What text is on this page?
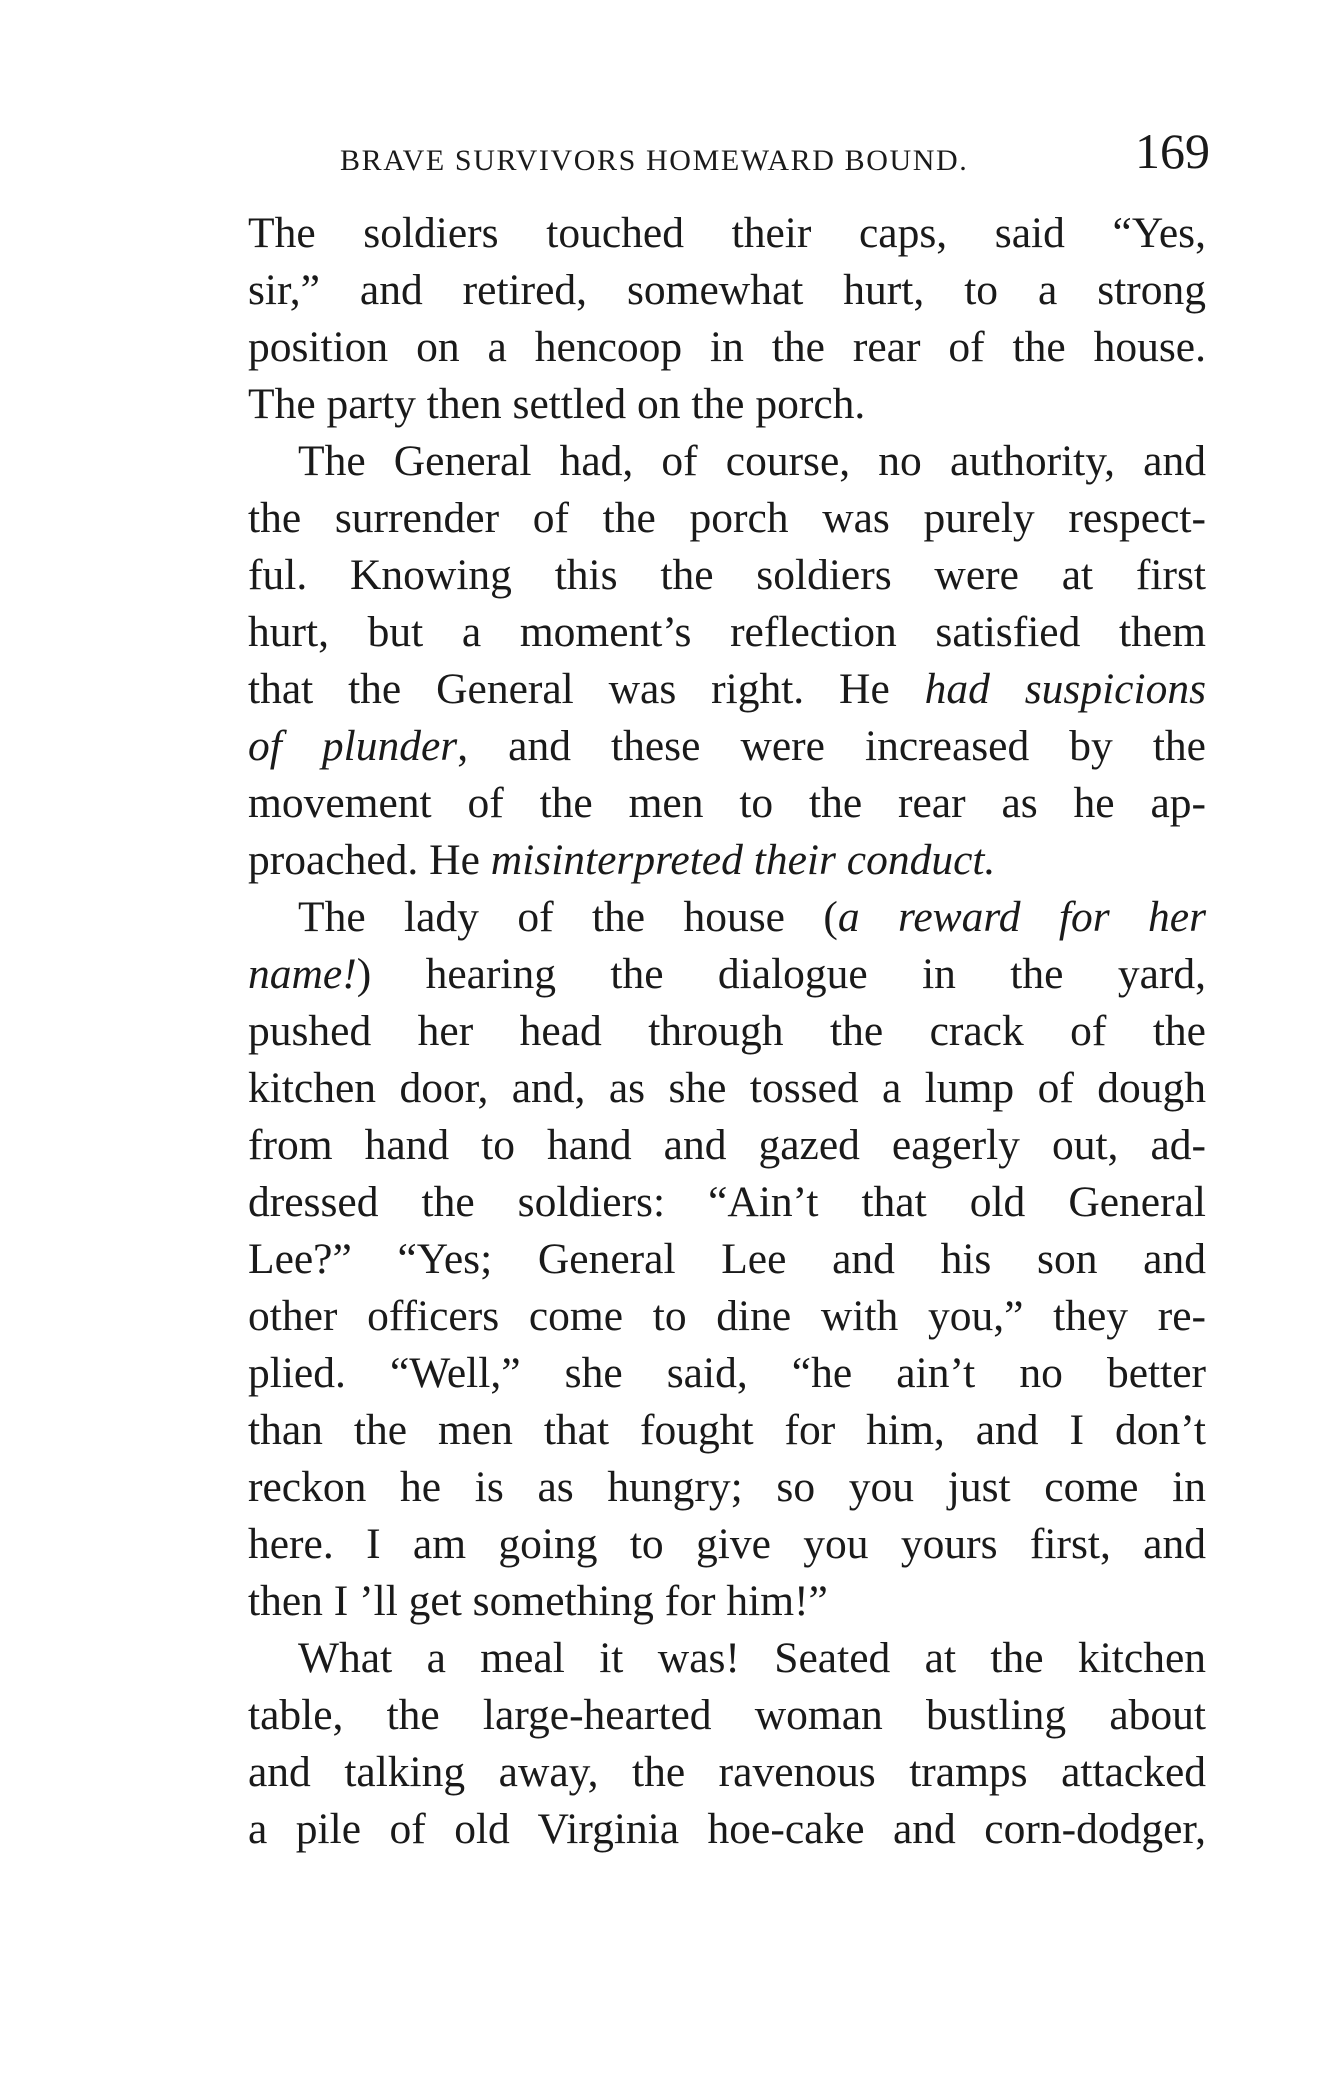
BRAVE SURVIVORS HOMEWARD BOUND.	169
The soldiers touched their caps, said “Yes,
sir,” and retired, somewhat hurt, to a strong
position on a hencoop in the rear of the house.
The party then settled on the porch.
The General had, of course, no authority, and
the surrender of the porch was purely respect-
ful. Knowing this the soldiers were at first
hurt, but a moment’s reflection satisfied them
that the General was right. He had suspicions
of plunder, and these were increased by the
movement of the men to the rear as he ap-
proached. He misinterpreted their conduct.
The lady of the house (a reward for her
name!) hearing the dialogue in the yard,
pushed her head through the crack of the
kitchen door, and, as she tossed a lump of dough
from hand to hand and gazed eagerly out, ad-
dressed the soldiers: “Ain’t that old General
Lee?” “Yes; General Lee and his son and
other officers come to dine with you,” they re-
plied. “Well,” she said, “he ain’t no better
than the men that fought for him, and I don’t
reckon he is as hungry; so you just come in
here. I am going to give you yours first, and
then I ’ll get something for him!”
What a meal it was! Seated at the kitchen
table, the large-hearted woman bustling about
and talking away, the ravenous tramps attacked
a pile of old Virginia hoe-cake and corn-dodger,
